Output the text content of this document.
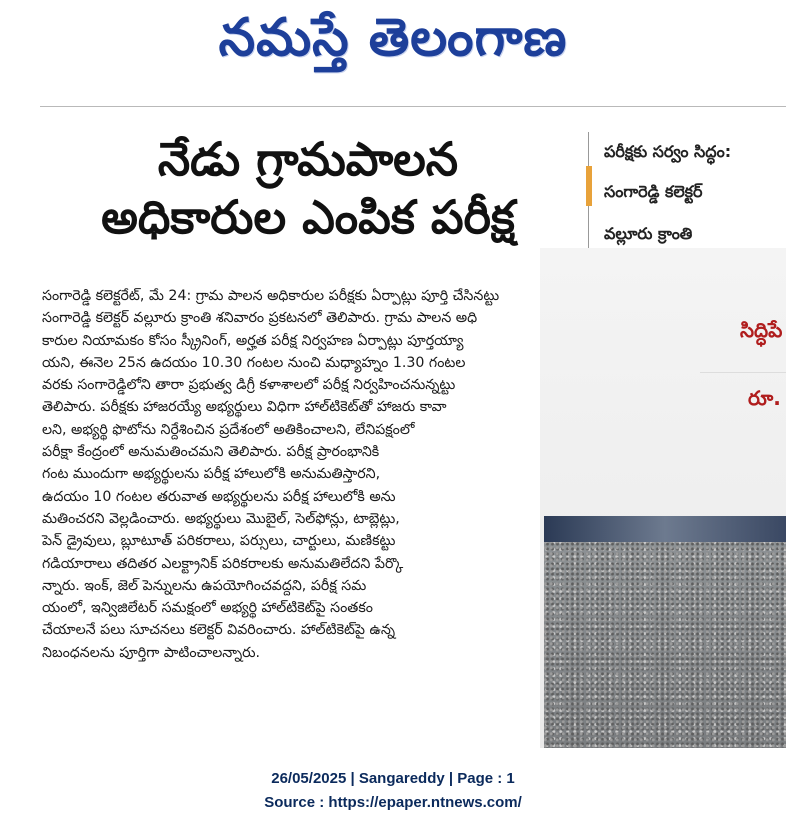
నమస్తే తెలంగాణ
నేడు గ్రామపాలన
అధికారుల ఎంపిక పరీక్ష
పరీక్షకు సర్వం సిద్ధం:
సంగారెడ్డి కలెక్టర్
వల్లూరు క్రాంతి
సిద్ధిపే
రూ.
సంగారెడ్డి కలెక్టరేట్, మే 24: గ్రామ పాలన అధికారుల పరీక్షకు ఏర్పాట్లు పూర్తి చేసినట్టు
సంగారెడ్డి కలెక్టర్ వల్లూరు క్రాంతి శనివారం ప్రకటనలో తెలిపారు. గ్రామ పాలన అధి
కారుల నియామకం కోసం స్క్రీనింగ్, అర్హత పరీక్ష నిర్వహణ ఏర్పాట్లు పూర్తయ్యా
యని, ఈనెల 25న ఉదయం 10.30 గంటల నుంచి మధ్యాహ్నం 1.30 గంటల
వరకు సంగారెడ్డిలోని తారా ప్రభుత్వ డిగ్రీ కళాశాలలో పరీక్ష నిర్వహించనున్నట్టు
తెలిపారు. పరీక్షకు హాజరయ్యే అభ్యర్థులు విధిగా హాల్‌టికెట్‌తో హాజరు కావా
లని, అభ్యర్థి ఫొటోను నిర్దేశించిన ప్రదేశంలో అతికించాలని, లేనిపక్షంలో
పరీక్షా కేంద్రంలో అనుమతించమని తెలిపారు. పరీక్ష ప్రారంభానికి
గంట ముందుగా అభ్యర్థులను పరీక్ష హాలులోకి అనుమతిస్తారని,
ఉదయం 10 గంటల తరువాత అభ్యర్థులను పరీక్ష హాలులోకి అను
మతించరని వెల్లడించారు. అభ్యర్థులు మొబైల్, సెల్‌ఫోన్లు, టాబ్లెట్లు,
పెన్ డ్రైవులు, బ్లూటూత్ పరికరాలు, పర్సులు, చార్టులు, మణికట్టు
గడియారాలు తదితర ఎలక్ట్రానిక్ పరికరాలకు అనుమతిలేదని పేర్కొ
న్నారు. ఇంక్, జెల్ పెన్నులను ఉపయోగించవద్దని, పరీక్ష సమ
యంలో, ఇన్విజిలేటర్ సమక్షంలో అభ్యర్థి హాల్‌టికెట్‌పై సంతకం
చేయాలనే పలు సూచనలు కలెక్టర్ వివరించారు. హాల్‌టికెట్‌పై ఉన్న
నిబంధనలను పూర్తిగా పాటించాలన్నారు.
26/05/2025 | Sangareddy | Page : 1
Source : https://epaper.ntnews.com/
